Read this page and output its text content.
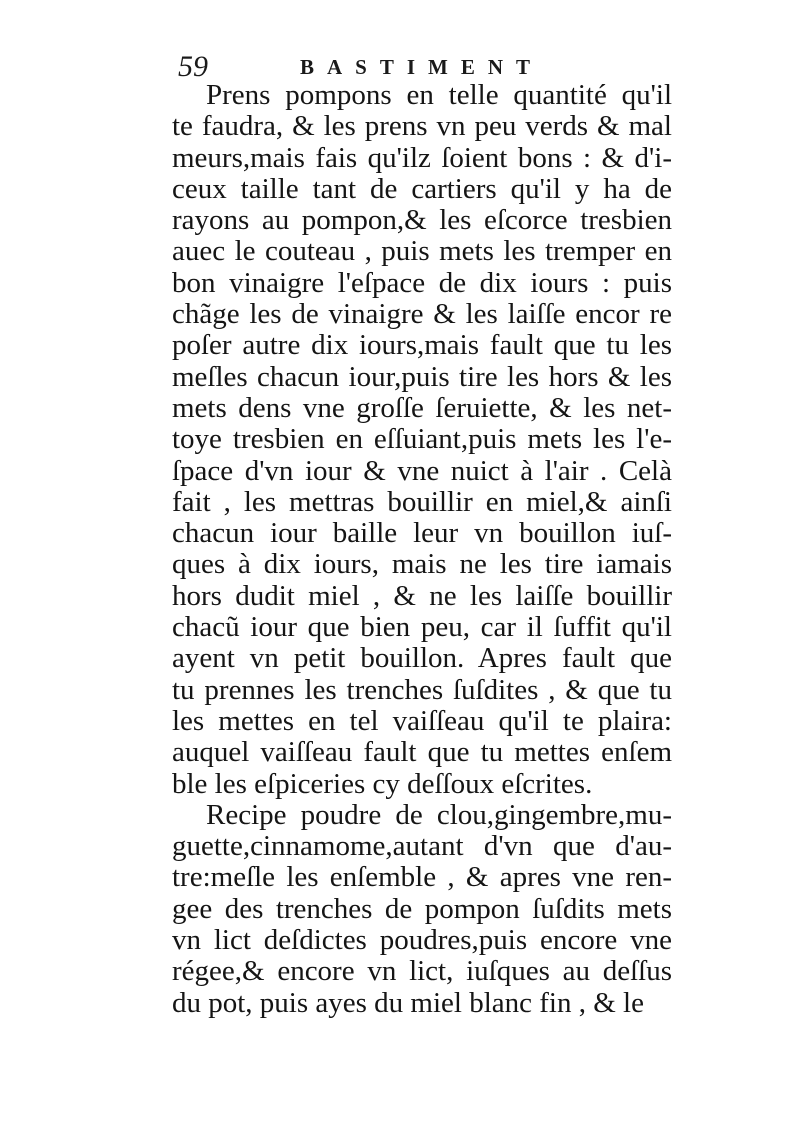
59	BASTIMENT
Prens pompons en telle quantité qu'il
te faudra, & les prens vn peu verds & mal
meurs,mais fais qu'ilz ſoient bons : & d'i-
ceux taille tant de cartiers qu'il y ha de
rayons au pompon,& les eſcorce tresbien
auec le couteau , puis mets les tremper en
bon vinaigre l'eſpace de dix iours : puis
chãge les de vinaigre & les laiſſe encor re
poſer autre dix iours,mais fault que tu les
meſles chacun iour,puis tire les hors & les
mets dens vne groſſe ſeruiette, & les net-
toye tresbien en eſſuiant,puis mets les l'e-
ſpace d'vn iour & vne nuict à l'air . Celà
fait , les mettras bouillir en miel,& ainſi
chacun iour baille leur vn bouillon iuſ-
ques à dix iours, mais ne les tire iamais
hors dudit miel , & ne les laiſſe bouillir
chacũ iour que bien peu, car il ſuffit qu'il
ayent vn petit bouillon. Apres fault que
tu prennes les trenches ſuſdites , & que tu
les mettes en tel vaiſſeau qu'il te plaira:
auquel vaiſſeau fault que tu mettes enſem
ble les eſpiceries cy deſſoux eſcrites.
Recipe poudre de clou,gingembre,mu-
guette,cinnamome,autant d'vn que d'au-
tre:meſle les enſemble , & apres vne ren-
gee des trenches de pompon ſuſdits mets
vn lict deſdictes poudres,puis encore vne
régee,& encore vn lict, iuſques au deſſus
du pot, puis ayes du miel blanc fin , & le
